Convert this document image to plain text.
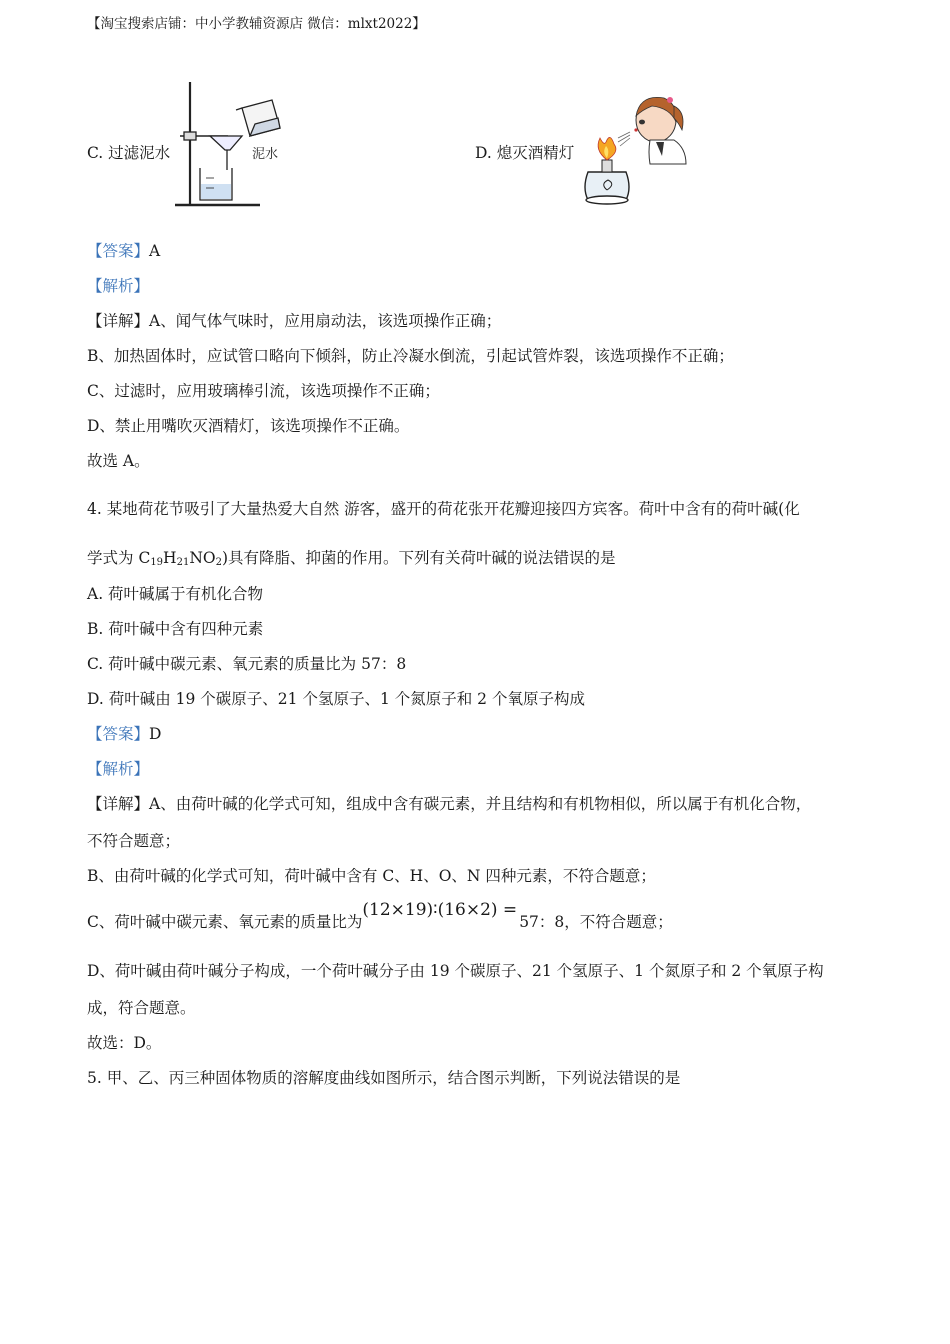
【淘宝搜索店铺：中小学教辅资源店 微信：mlxt2022】
C. 过滤泥水	泥水	D. 熄灭酒精灯
【答案】A
【解析】
【详解】A、闻气体气味时，应用扇动法，该选项操作正确；
B、加热固体时，应试管口略向下倾斜，防止冷凝水倒流，引起试管炸裂，该选项操作不正确；
C、过滤时，应用玻璃棒引流，该选项操作不正确；
D、禁止用嘴吹灭酒精灯，该选项操作不正确。
故选 A。
4. 某地荷花节吸引了大量热爱大自然 游客，盛开的荷花张开花瓣迎接四方宾客。荷叶中含有的荷叶碱(化
学式为 $C_{19}H_{21}NO_2$)具有降脂、抑菌的作用。下列有关荷叶碱的说法错误的是
A. 荷叶碱属于有机化合物
B. 荷叶碱中含有四种元素
C. 荷叶碱中碳元素、氧元素的质量比为 57：8
D. 荷叶碱由 19 个碳原子、21 个氢原子、1 个氮原子和 2 个氧原子构成
【答案】D
【解析】
【详解】A、由荷叶碱的化学式可知，组成中含有碳元素，并且结构和有机物相似，所以属于有机化合物，
不符合题意；
B、由荷叶碱的化学式可知，荷叶碱中含有 C、H、O、N 四种元素，不符合题意；
C、荷叶碱中碳元素、氧元素的质量比为(12×19)∶(16×2) =57：8，不符合题意；
D、荷叶碱由荷叶碱分子构成，一个荷叶碱分子由 19 个碳原子、21 个氢原子、1 个氮原子和 2 个氧原子构
成，符合题意。
故选：D。
5. 甲、乙、丙三种固体物质的溶解度曲线如图所示，结合图示判断，下列说法错误的是
